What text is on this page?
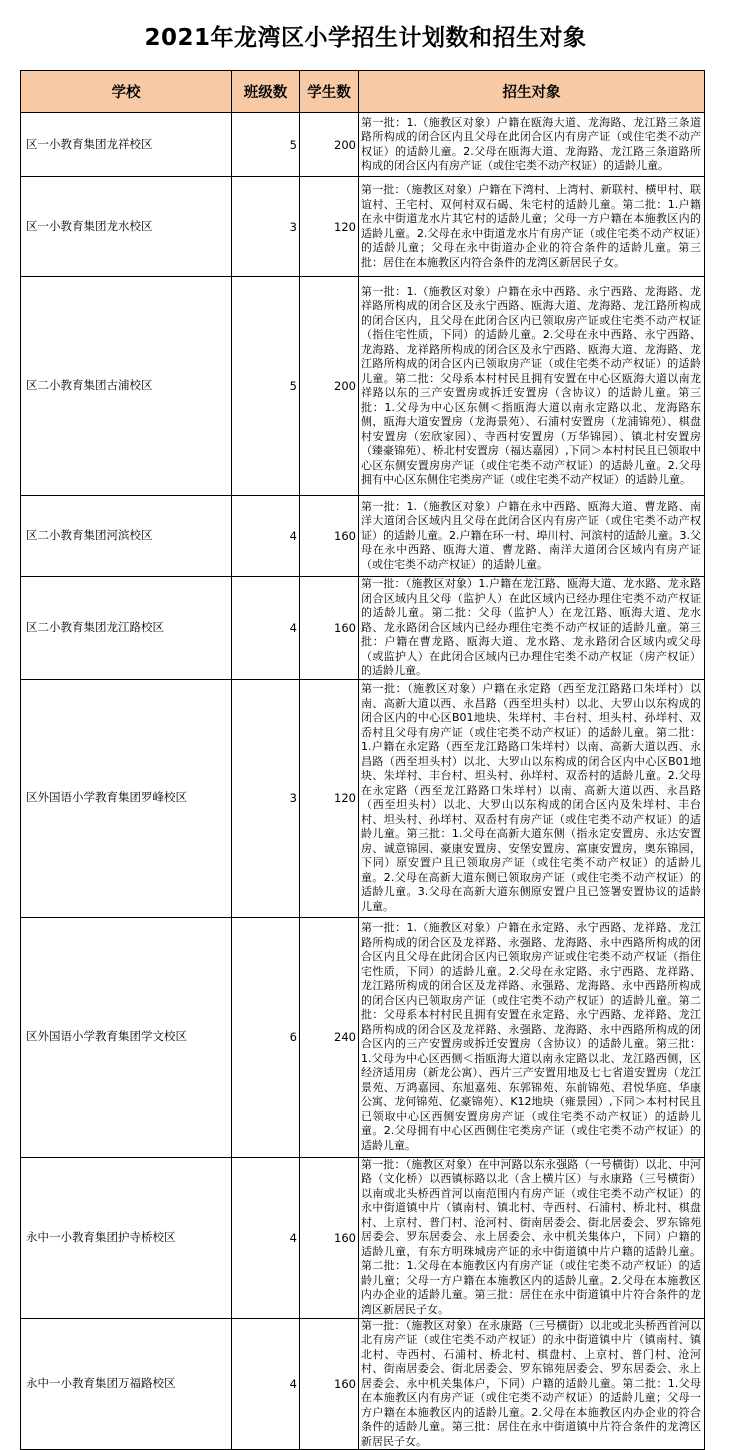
2021年龙湾区小学招生计划数和招生对象
学校	班级数	学生数	招生对象
区一小教育集团龙祥校区	5	200	第一批：1.（施教区对象）户籍在瓯海大道、龙海路、龙江路三条道路所构成的闭合区内且父母在此闭合区内有房产证（或住宅类不动产权证）的适龄儿童。2.父母在瓯海大道、龙海路、龙江路三条道路所构成的闭合区内有房产证（或住宅类不动产权证）的适龄儿童。
区一小教育集团龙水校区	3	120	第一批：（施教区对象）户籍在下湾村、上湾村、新联村、横甲村、联谊村、王宅村、双何村双石碣、朱宅村的适龄儿童。第二批：1.户籍在永中街道龙水片其它村的适龄儿童；父母一方户籍在本施教区内的适龄儿童。2.父母在永中街道龙水片有房产证（或住宅类不动产权证）的适龄儿童；父母在永中街道办企业的符合条件的适龄儿童。第三批：居住在本施教区内符合条件的龙湾区新居民子女。
区二小教育集团古浦校区	5	200	第一批：1.（施教区对象）户籍在永中西路、永宁西路、龙海路、龙祥路所构成的闭合区及永宁西路、瓯海大道、龙海路、龙江路所构成的闭合区内，且父母在此闭合区内已领取房产证或住宅类不动产权证（指住宅性质，下同）的适龄儿童。2.父母在永中西路、永宁西路、龙海路、龙祥路所构成的闭合区及永宁西路、瓯海大道、龙海路、龙江路所构成的闭合区内已领取房产证（或住宅类不动产权证）的适龄儿童。第二批：父母系本村村民且拥有安置在中心区瓯海大道以南龙祥路以东的三产安置房或拆迁安置房（含协议）的适龄儿童。第三批：1.父母为中心区东侧＜指瓯海大道以南永定路以北、龙海路东侧，瓯海大道安置房（龙海景苑）、石浦村安置房（龙浦锦苑）、棋盘村安置房（宏欣家园）、寺西村安置房（万华锦园）、镇北村安置房（臻豪锦苑）、桥北村安置房（福达嘉园）,下同＞本村村民且已领取中心区东侧安置房房产证（或住宅类不动产权证）的适龄儿童。2.父母拥有中心区东侧住宅类房产证（或住宅类不动产权证）的适龄儿童。
区二小教育集团河滨校区	4	160	第一批：1.（施教区对象）户籍在永中西路、瓯海大道、曹龙路、南洋大道闭合区域内且父母在此闭合区内有房产证（或住宅类不动产权证）的适龄儿童。2.户籍在环一村、埠川村、河滨村的适龄儿童。3.父母在永中西路、瓯海大道、曹龙路、南洋大道闭合区域内有房产证（或住宅类不动产权证）的适龄儿童。
区二小教育集团龙江路校区	4	160	第一批：（施教区对象）1.户籍在龙江路、瓯海大道、龙水路、龙永路闭合区域内且父母（监护人）在此区域内已经办理住宅类不动产权证的适龄儿童。第二批：父母（监护人）在龙江路、瓯海大道、龙水路、龙永路闭合区域内已经办理住宅类不动产权证的适龄儿童。第三批：户籍在曹龙路、瓯海大道、龙水路、龙永路闭合区域内或父母（或监护人）在此闭合区域内已办理住宅类不动产权证（房产权证）的适龄儿童。
区外国语小学教育集团罗峰校区	3	120	第一批：（施教区对象）户籍在永定路（西至龙江路路口朱垟村）以南、高新大道以西、永昌路（西至坦头村）以北、大罗山以东构成的闭合区内的中心区B01地块、朱垟村、丰台村、坦头村、孙垟村、双岙村且父母有房产证（或住宅类不动产权证）的适龄儿童。第二批：1.户籍在永定路（西至龙江路路口朱垟村）以南、高新大道以西、永昌路（西至坦头村）以北、大罗山以东构成的闭合区内中心区B01地块、朱垟村、丰台村、坦头村、孙垟村、双岙村的适龄儿童。2.父母在永定路（西至龙江路路口朱垟村）以南、高新大道以西、永昌路（西至坦头村）以北、大罗山以东构成的闭合区内及朱垟村、丰台村、坦头村、孙垟村、双岙村有房产证（或住宅类不动产权证）的适龄儿童。第三批：1.父母在高新大道东侧（指永定安置房、永达安置房、诚意锦园、豪康安置房、安堡安置房、富康安置房，奥东锦园，下同）原安置户且已领取房产证（或住宅类不动产权证）的适龄儿童。2.父母在高新大道东侧已领取房产证（或住宅类不动产权证）的适龄儿童。3.父母在高新大道东侧原安置户且已签署安置协议的适龄儿童。
区外国语小学教育集团学文校区	6	240	第一批：1.（施教区对象）户籍在永定路、永宁西路、龙祥路、龙江路所构成的闭合区及龙祥路、永强路、龙海路、永中西路所构成的闭合区内且父母在此闭合区内已领取房产证或住宅类不动产权证（指住宅性质，下同）的适龄儿童。2.父母在永定路、永宁西路、龙祥路、龙江路所构成的闭合区及龙祥路、永强路、龙海路、永中西路所构成的闭合区内已领取房产证（或住宅类不动产权证）的适龄儿童。第二批：父母系本村村民且拥有安置在永定路、永宁西路、龙祥路、龙江路所构成的闭合区及龙祥路、永强路、龙海路、永中西路所构成的闭合区内的三产安置房或拆迁安置房（含协议）的适龄儿童。第三批：1.父母为中心区西侧＜指瓯海大道以南永定路以北、龙江路西侧，区经济适用房（新龙公寓）、西片三产安置用地及七七省道安置房（龙江景苑、万鸿嘉园、东旭嘉苑、东郭锦苑、东前锦苑、君悦华庭、华康公寓、龙何锦苑、亿豪锦苑）、K12地块（雍景园）,下同＞本村村民且已领取中心区西侧安置房房产证（或住宅类不动产权证）的适龄儿童。2.父母拥有中心区西侧住宅类房产证（或住宅类不动产权证）的适龄儿童。
永中一小教育集团护寺桥校区	4	160	第一批：（施教区对象）在中河路以东永强路（一号横街）以北、中河路（文化桥）以西镇标路以北（含上横片区）与永康路（三号横街）以南或北头桥西首河以南范围内有房产证（或住宅类不动产权证）的永中街道镇中片（镇南村、镇北村、寺西村、石浦村、桥北村、棋盘村、上京村、普门村、沧河村、街南居委会、街北居委会、罗东锦苑居委会、罗东居委会、永上居委会、永中机关集体户，下同）户籍的适龄儿童，有东方明珠城房产证的永中街道镇中片户籍的适龄儿童。第二批：1.父母在本施教区内有房产证（或住宅类不动产权证）的适龄儿童；父母一方户籍在本施教区内的适龄儿童。2.父母在本施教区内办企业的适龄儿童。第三批：居住在永中街道镇中片符合条件的龙湾区新居民子女。
永中一小教育集团万福路校区	4	160	第一批：（施教区对象）在永康路（三号横街）以北或北头桥西首河以北有房产证（或住宅类不动产权证）的永中街道镇中片（镇南村、镇北村、寺西村、石浦村、桥北村、棋盘村、上京村、普门村、沧河村、街南居委会、街北居委会、罗东锦苑居委会、罗东居委会、永上居委会、永中机关集体户，下同）户籍的适龄儿童。第二批：1.父母在本施教区内有房产证（或住宅类不动产权证）的适龄儿童；父母一方户籍在本施教区内的适龄儿童。2.父母在本施教区内办企业的符合条件的适龄儿童。第三批：居住在永中街道镇中片符合条件的龙湾区新居民子女。
